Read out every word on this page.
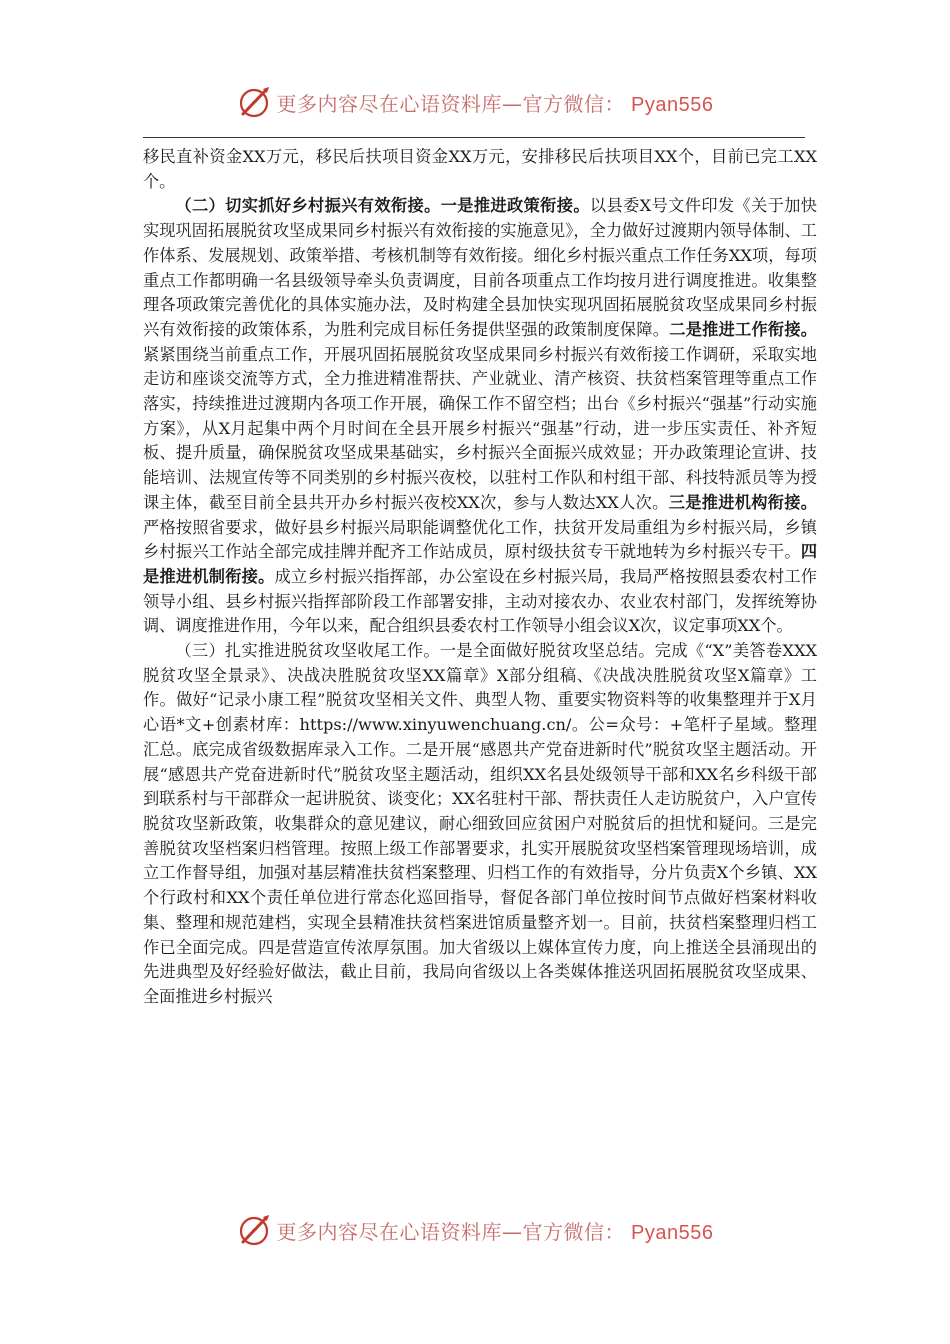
更多内容尽在心语资料库—官方微信： Pyan556

移民直补资金XX万元，移民后扶项目资金XX万元，安排移民后扶项目XX个，目前已完工XX个。

（二）切实抓好乡村振兴有效衔接。一是推进政策衔接。以县委X号文件印发《关于加快实现巩固拓展脱贫攻坚成果同乡村振兴有效衔接的实施意见》，全力做好过渡期内领导体制、工作体系、发展规划、政策举措、考核机制等有效衔接。细化乡村振兴重点工作任务XX项，每项重点工作都明确一名县级领导牵头负责调度，目前各项重点工作均按月进行调度推进。收集整理各项政策完善优化的具体实施办法，及时构建全县加快实现巩固拓展脱贫攻坚成果同乡村振兴有效衔接的政策体系，为胜利完成目标任务提供坚强的政策制度保障。二是推进工作衔接。紧紧围绕当前重点工作，开展巩固拓展脱贫攻坚成果同乡村振兴有效衔接工作调研，采取实地走访和座谈交流等方式，全力推进精准帮扶、产业就业、清产核资、扶贫档案管理等重点工作落实，持续推进过渡期内各项工作开展，确保工作不留空档；出台《乡村振兴“强基”行动实施方案》，从X月起集中两个月时间在全县开展乡村振兴“强基”行动，进一步压实责任、补齐短板、提升质量，确保脱贫攻坚成果基础实，乡村振兴全面振兴成效显；开办政策理论宣讲、技能培训、法规宣传等不同类别的乡村振兴夜校，以驻村工作队和村组干部、科技特派员等为授课主体，截至目前全县共开办乡村振兴夜校XX次，参与人数达XX人次。三是推进机构衔接。严格按照省要求，做好县乡村振兴局职能调整优化工作，扶贫开发局重组为乡村振兴局，乡镇乡村振兴工作站全部完成挂牌并配齐工作站成员，原村级扶贫专干就地转为乡村振兴专干。四是推进机制衔接。成立乡村振兴指挥部，办公室设在乡村振兴局，我局严格按照县委农村工作领导小组、县乡村振兴指挥部阶段工作部署安排，主动对接农办、农业农村部门，发挥统筹协调、调度推进作用，今年以来，配合组织县委农村工作领导小组会议X次，议定事项XX个。

（三）扎实推进脱贫攻坚收尾工作。一是全面做好脱贫攻坚总结。完成《“X”美答卷XXX脱贫攻坚全景录》、决战决胜脱贫攻坚XX篇章》X部分组稿、《决战决胜脱贫攻坚X篇章》工作。做好“记录小康工程”脱贫攻坚相关文件、典型人物、重要实物资料等的收集整理并于X月心语*文+创素材库：https://www.xinyuwenchuang.cn/。公=众号：+笔杆子星域。整理汇总。底完成省级数据库录入工作。二是开展“感恩共产党奋进新时代”脱贫攻坚主题活动。开展“感恩共产党奋进新时代”脱贫攻坚主题活动，组织XX名县处级领导干部和XX名乡科级干部到联系村与干部群众一起讲脱贫、谈变化；XX名驻村干部、帮扶责任人走访脱贫户，入户宣传脱贫攻坚新政策，收集群众的意见建议，耐心细致回应贫困户对脱贫后的担忧和疑问。三是完善脱贫攻坚档案归档管理。按照上级工作部署要求，扎实开展脱贫攻坚档案管理现场培训，成立工作督导组，加强对基层精准扶贫档案整理、归档工作的有效指导，分片负责X个乡镇、XX个行政村和XX个责任单位进行常态化巡回指导，督促各部门单位按时间节点做好档案材料收集、整理和规范建档，实现全县精准扶贫档案进馆质量整齐划一。目前，扶贫档案整理归档工作已全面完成。四是营造宣传浓厚氛围。加大省级以上媒体宣传力度，向上推送全县涌现出的先进典型及好经验好做法，截止目前，我局向省级以上各类媒体推送巩固拓展脱贫攻坚成果、全面推进乡村振兴

更多内容尽在心语资料库—官方微信： Pyan556
